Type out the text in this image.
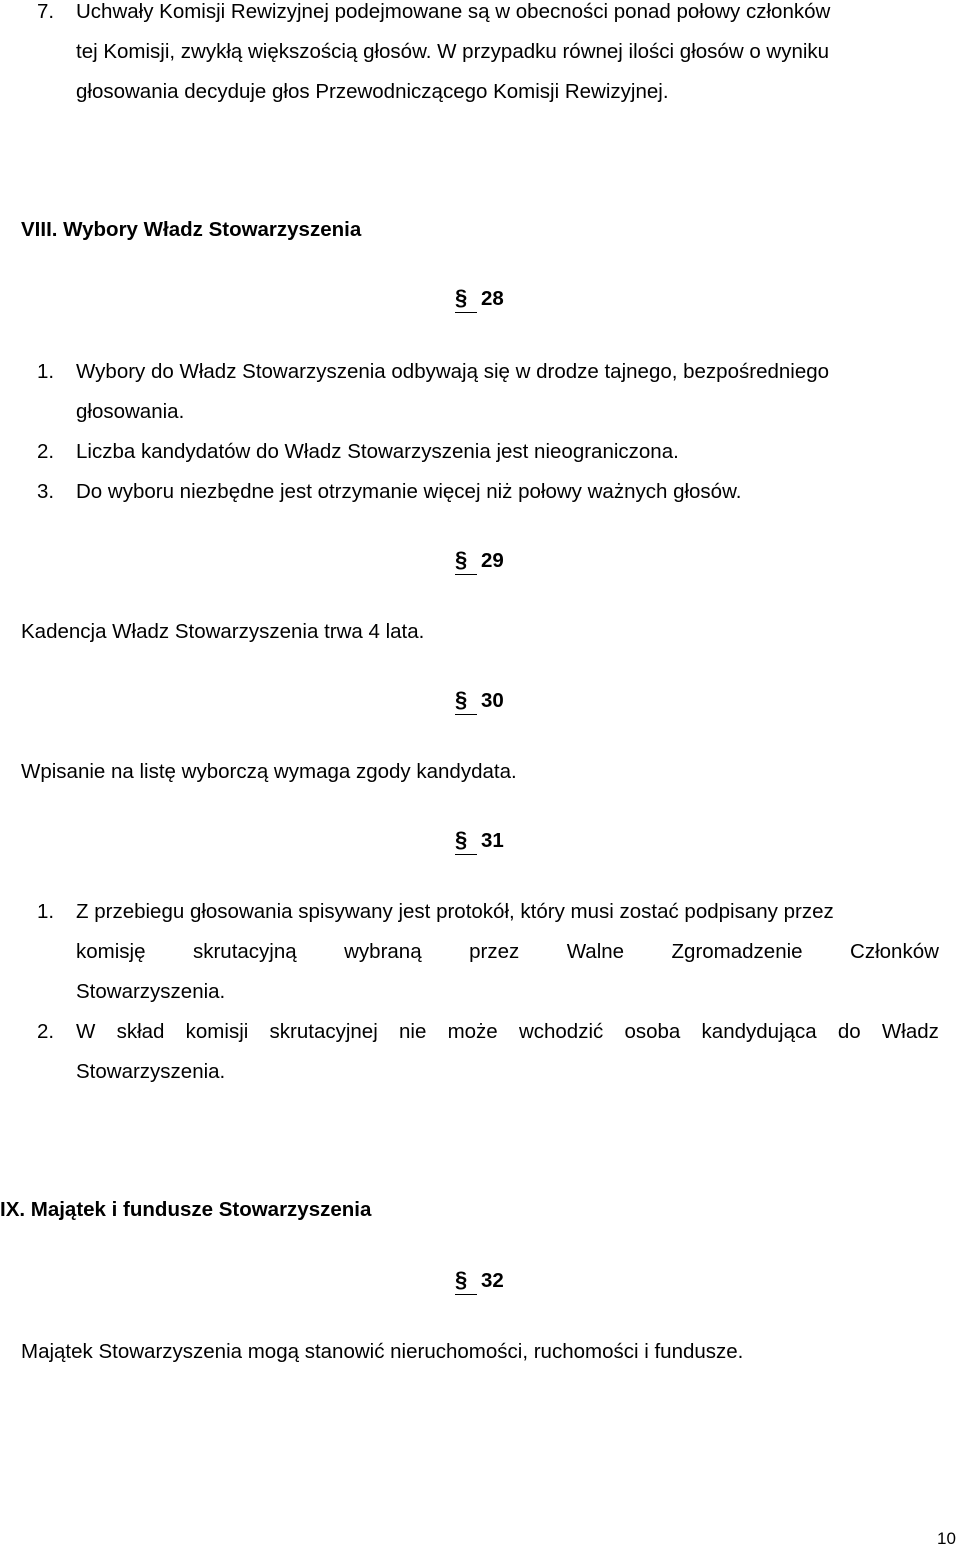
7.	Uchwały Komisji Rewizyjnej podejmowane są w obecności ponad połowy członków
tej Komisji, zwykłą większością głosów. W przypadku równej ilości głosów o wyniku
głosowania decyduje głos Przewodniczącego Komisji Rewizyjnej.
VIII. Wybory Władz Stowarzyszenia
§ 28
1.	Wybory do Władz Stowarzyszenia odbywają się w drodze tajnego, bezpośredniego
głosowania.
2.	Liczba kandydatów do Władz Stowarzyszenia jest nieograniczona.
3.	Do wyboru niezbędne jest otrzymanie więcej niż połowy ważnych głosów.
§ 29
Kadencja Władz Stowarzyszenia trwa 4 lata.
§ 30
Wpisanie na listę wyborczą wymaga zgody kandydata.
§ 31
1.	Z przebiegu głosowania spisywany jest protokół, który musi zostać podpisany przez
komisję skrutacyjną wybraną przez Walne Zgromadzenie Członków
Stowarzyszenia.
2.	W skład komisji skrutacyjnej nie może wchodzić osoba kandydująca do Władz
Stowarzyszenia.
IX. Majątek i fundusze Stowarzyszenia
§ 32
Majątek Stowarzyszenia mogą stanowić nieruchomości, ruchomości i fundusze.
10
